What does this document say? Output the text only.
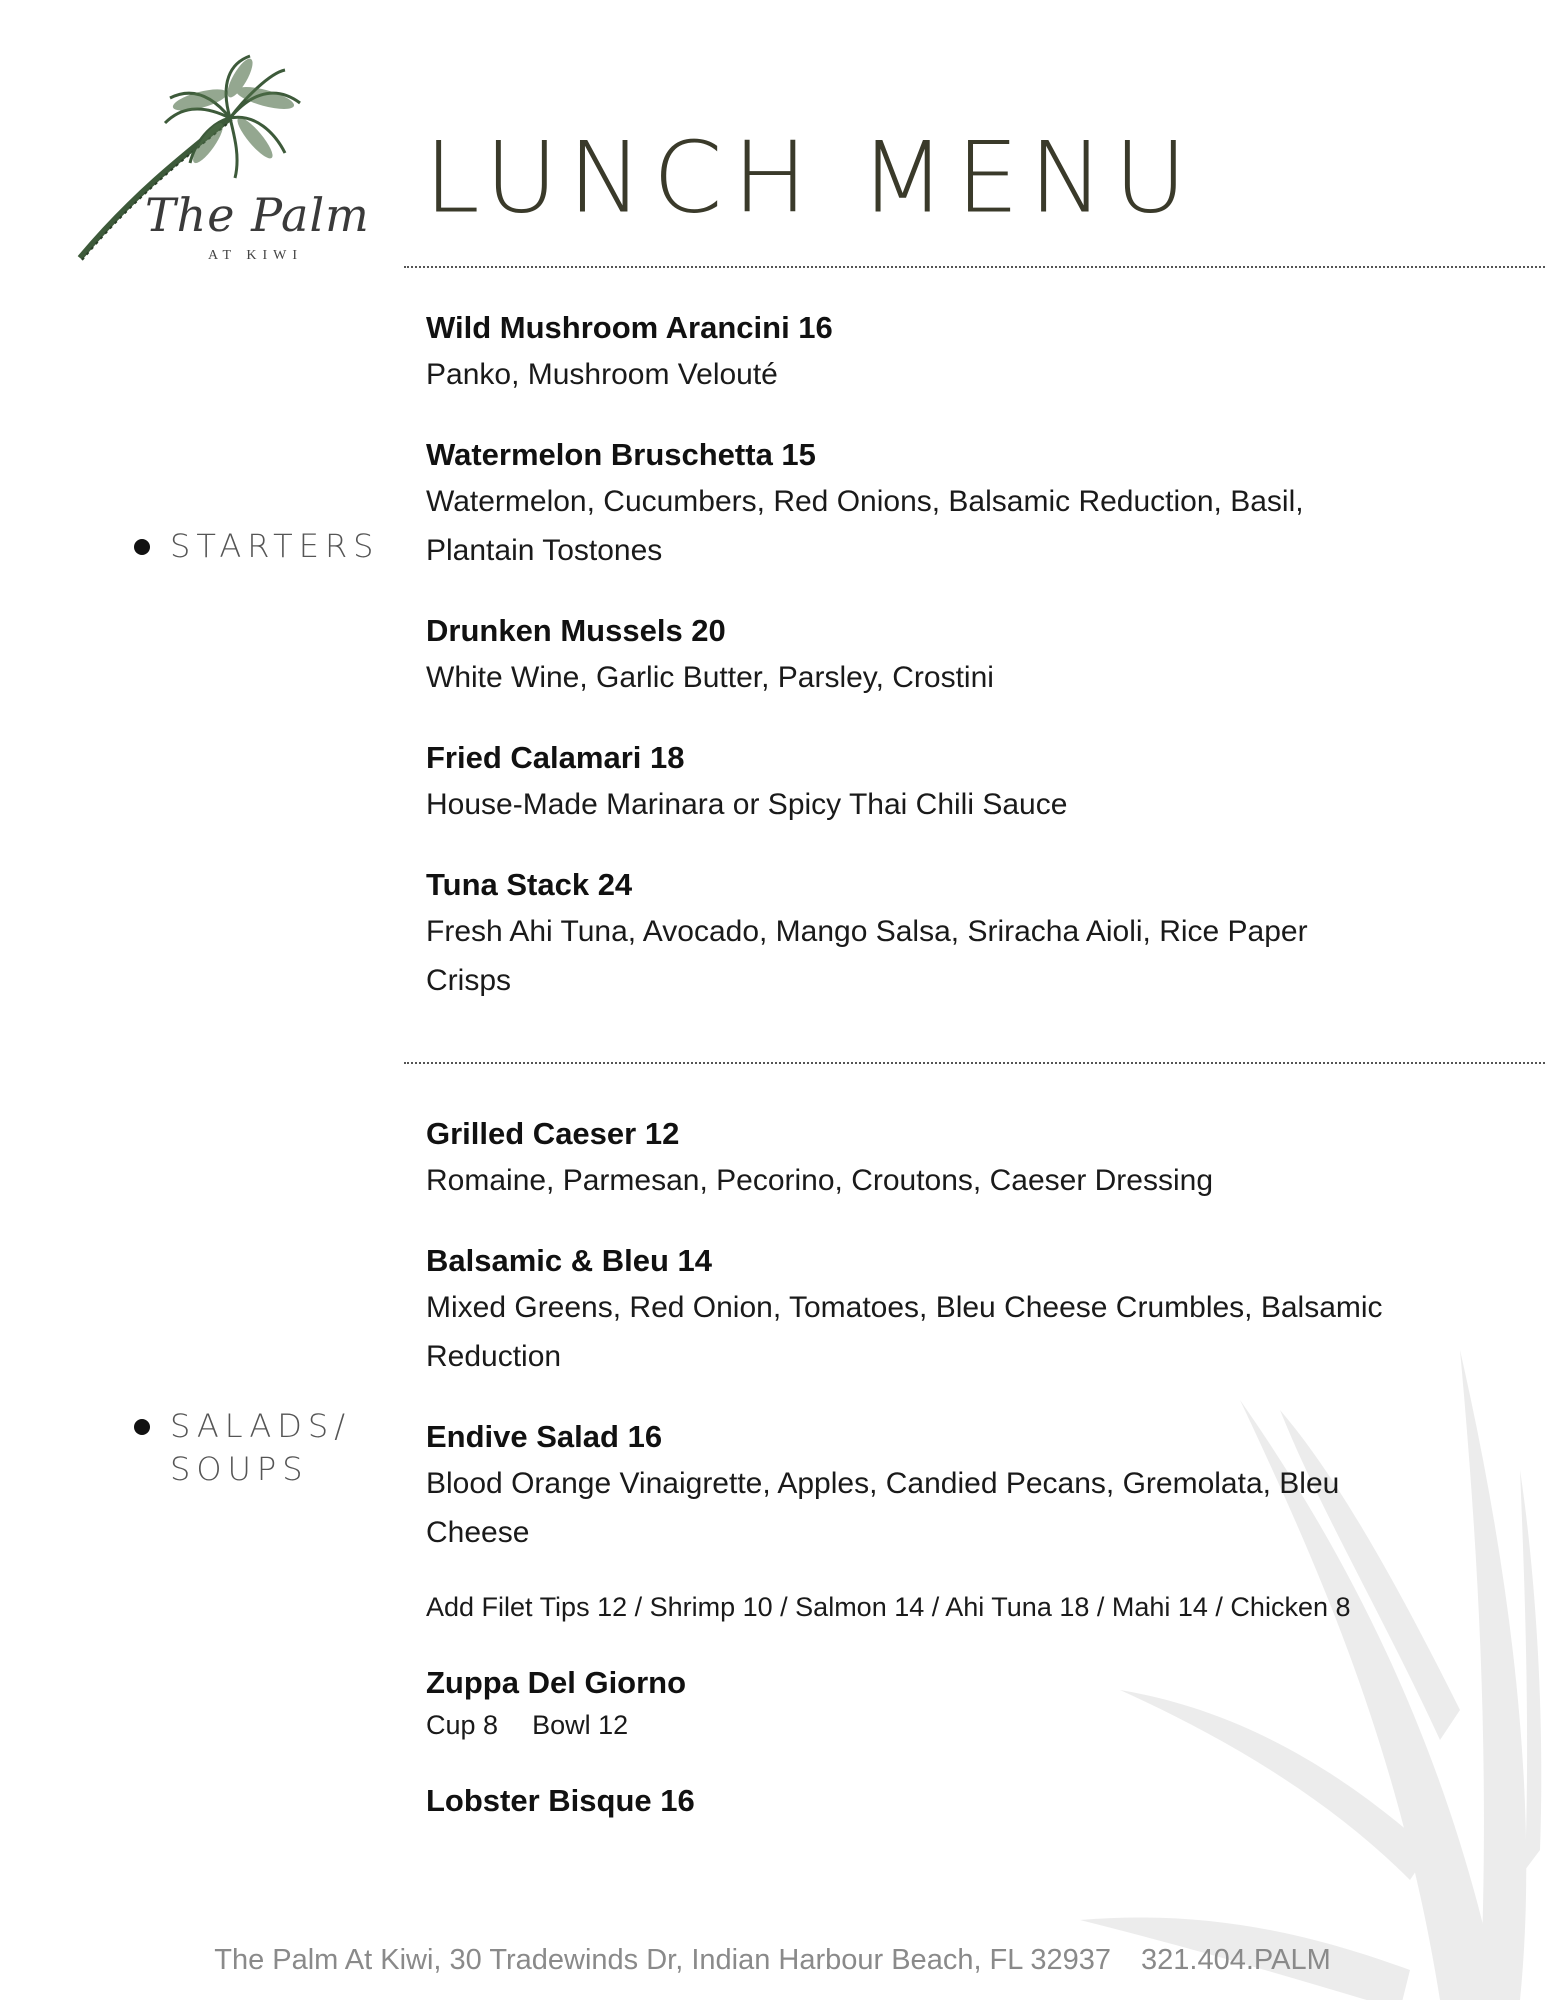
The Palm
AT KIWI
LUNCH MENU
STARTERS
Wild Mushroom Arancini 16
Panko, Mushroom Velouté
Watermelon Bruschetta 15
Watermelon, Cucumbers, Red Onions, Balsamic Reduction, Basil,
Plantain Tostones
Drunken Mussels 20
White Wine, Garlic Butter, Parsley, Crostini
Fried Calamari 18
House-Made Marinara or Spicy Thai Chili Sauce
Tuna Stack 24
Fresh Ahi Tuna, Avocado, Mango Salsa, Sriracha Aioli, Rice Paper
Crisps
SALADS/
SOUPS
Grilled Caeser 12
Romaine, Parmesan, Pecorino, Croutons, Caeser Dressing
Balsamic & Bleu 14
Mixed Greens, Red Onion, Tomatoes, Bleu Cheese Crumbles, Balsamic
Reduction
Endive Salad 16
Blood Orange Vinaigrette, Apples, Candied Pecans, Gremolata, Bleu
Cheese
Add Filet Tips 12 / Shrimp 10 / Salmon 14 / Ahi Tuna 18 / Mahi 14 / Chicken 8
Zuppa Del Giorno
Cup 8 Bowl 12
Lobster Bisque 16
The Palm At Kiwi, 30 Tradewinds Dr, Indian Harbour Beach, FL 32937 321.404.PALM
